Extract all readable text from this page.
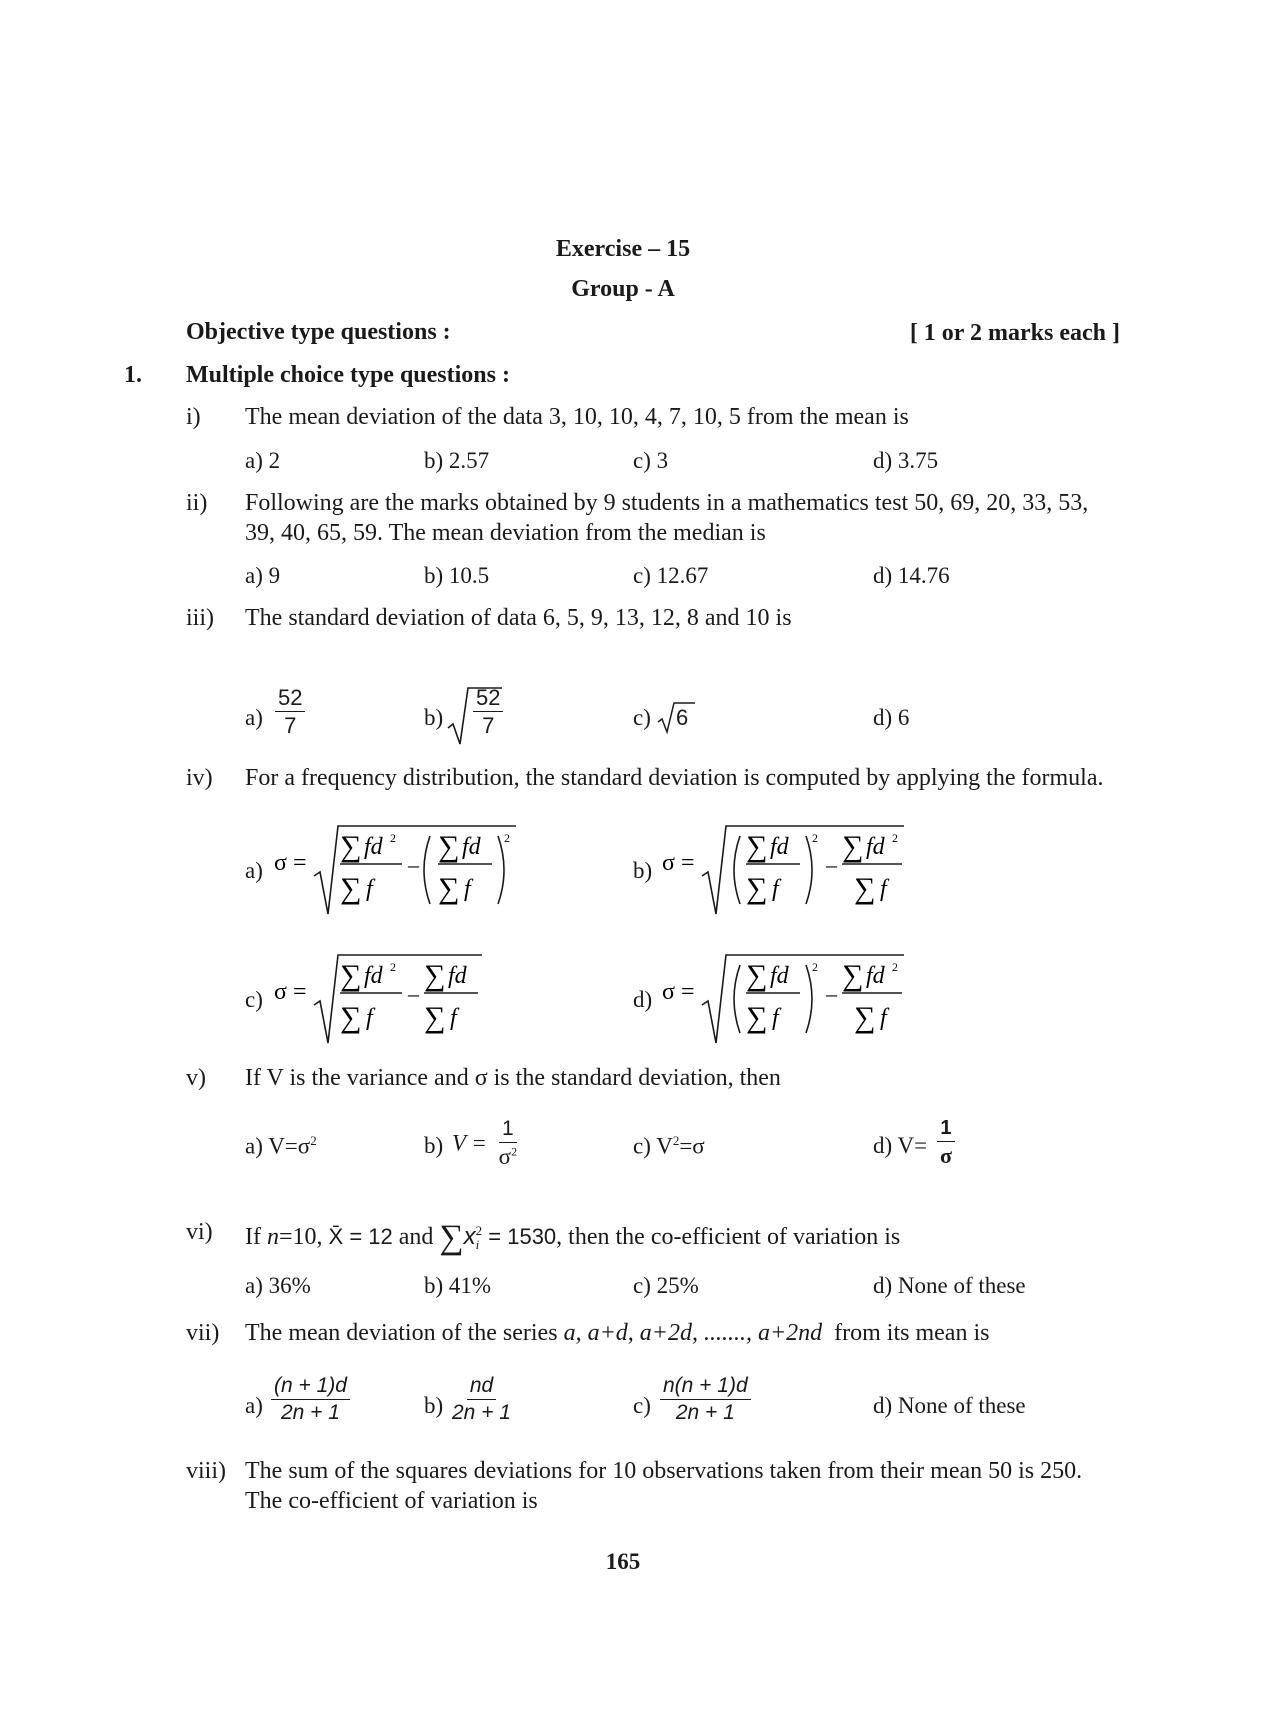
Exercise – 15
Group - A
Objective type questions :	[ 1 or 2 marks each ]
1. Multiple choice type questions :
i) The mean deviation of the data 3, 10, 10, 4, 7, 10, 5 from the mean is
a) 2	b) 2.57	c) 3	d) 3.75
ii) Following are the marks obtained by 9 students in a mathematics test 50, 69, 20, 33, 53,
39, 40, 65, 59. The mean deviation from the median is
a) 9	b) 10.5	c) 12.67	d) 14.76
iii) The standard deviation of data 6, 5, 9, 13, 12, 8 and 10 is
$a) \frac{52}{7}$	$b) \frac{52}{7}$	c) 6	d) 6
iv) For a frequency distribution, the standard deviation is computed by applying the formula.
a) σ = ∑ fd 2
∑ f
–
∑ fd
∑ f
2
b) σ = ∑ fd
∑ f
2
–
∑ fd 2
∑ f
c) σ = ∑ fd 2
∑ f
–
∑ fd
∑ f
d) σ = ∑ fd
∑ f
2
–
∑ fd 2
∑ f
v) If V is the variance and σ is the standard deviation, then
a) $V=\sigma^2$	b) $V = \frac{1}{\sigma^2}$	c) $V^2=\sigma$	d) $V= \frac{1}{\sigma}$
vi) If n=10, X̄ = 12 and ∑x 2
i = 1530, then the co-efficient of variation is
a) 36%	b) 41%	c) 25%	d) None of these
vii) The mean deviation of the series a, a+d, a+2d, ......., a+2nd  from its mean is
$a) \frac{(n + 1)d}{2n + 1}$	$b) \frac{nd}{2n + 1}$	$c) \frac{n(n + 1)d}{2n + 1}$	d) None of these
viii) The sum of the squares deviations for 10 observations taken from their mean 50 is 250.
The co-efficient of variation is
165
